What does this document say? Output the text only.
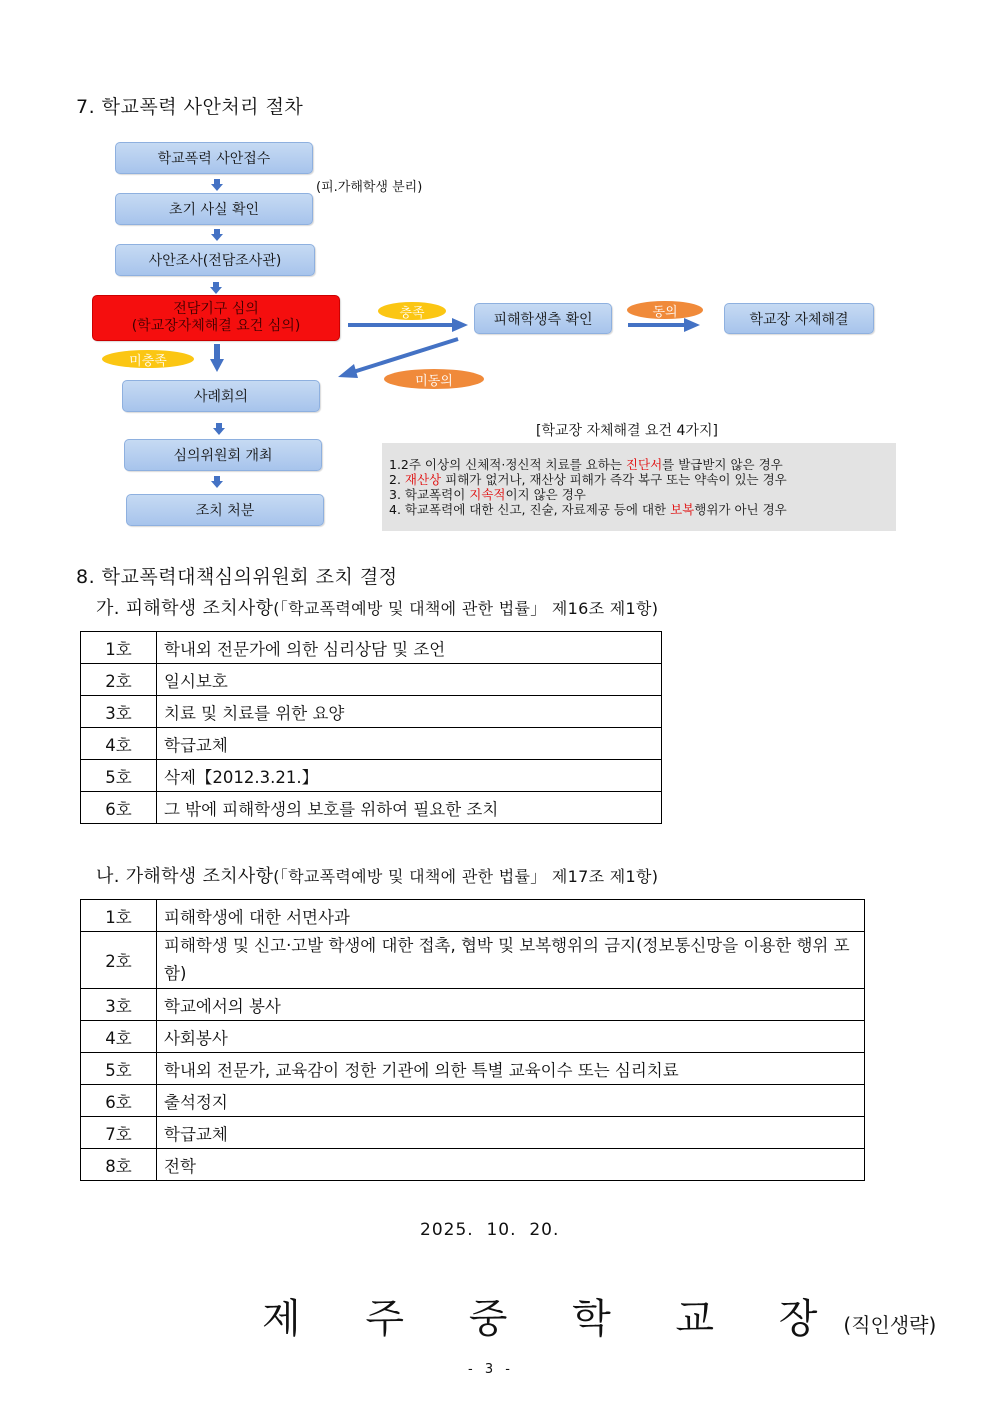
7. 학교폭력 사안처리 절차
학교폭력 사안접수
(피.가해학생 분리)
초기 사실 확인
사안조사(전담조사관)
전담기구 심의
(학교장자체해결 요건 심의)
충족	피해학생측 확인	동의	학교장 자체해결
미충족
미동의
사례회의
심의위원회 개최
조치 처분
[학교장 자체해결 요건 4가지]
1.2주 이상의 신체적·정신적 치료를 요하는 진단서를 발급받지 않은 경우
2. 재산상 피해가 없거나, 재산상 피해가 즉각 복구 또는 약속이 있는 경우
3. 학교폭력이 지속적이지 않은 경우
4. 학교폭력에 대한 신고, 진술, 자료제공 등에 대한 보복행위가 아닌 경우
8. 학교폭력대책심의위원회 조치 결정
가. 피해학생 조치사항(「학교폭력예방 및 대책에 관한 법률」 제16조 제1항)
1호	학내외 전문가에 의한 심리상담 및 조언
2호	일시보호
3호	치료 및 치료를 위한 요양
4호	학급교체
5호	삭제【2012.3.21.】
6호	그 밖에 피해학생의 보호를 위하여 필요한 조치
나. 가해학생 조치사항(「학교폭력예방 및 대책에 관한 법률」 제17조 제1항)
1호	피해학생에 대한 서면사과
2호	피해학생 및 신고·고발 학생에 대한 접촉, 협박 및 보복행위의 금지(정보통신망을 이용한 행위 포함)
3호	학교에서의 봉사
4호	사회봉사
5호	학내외 전문가, 교육감이 정한 기관에 의한 특별 교육이수 또는 심리치료
6호	출석정지
7호	학급교체
8호	전학
2025.  10.  20.
제 주 중 학 교 장(직인생략)
- 3 -
